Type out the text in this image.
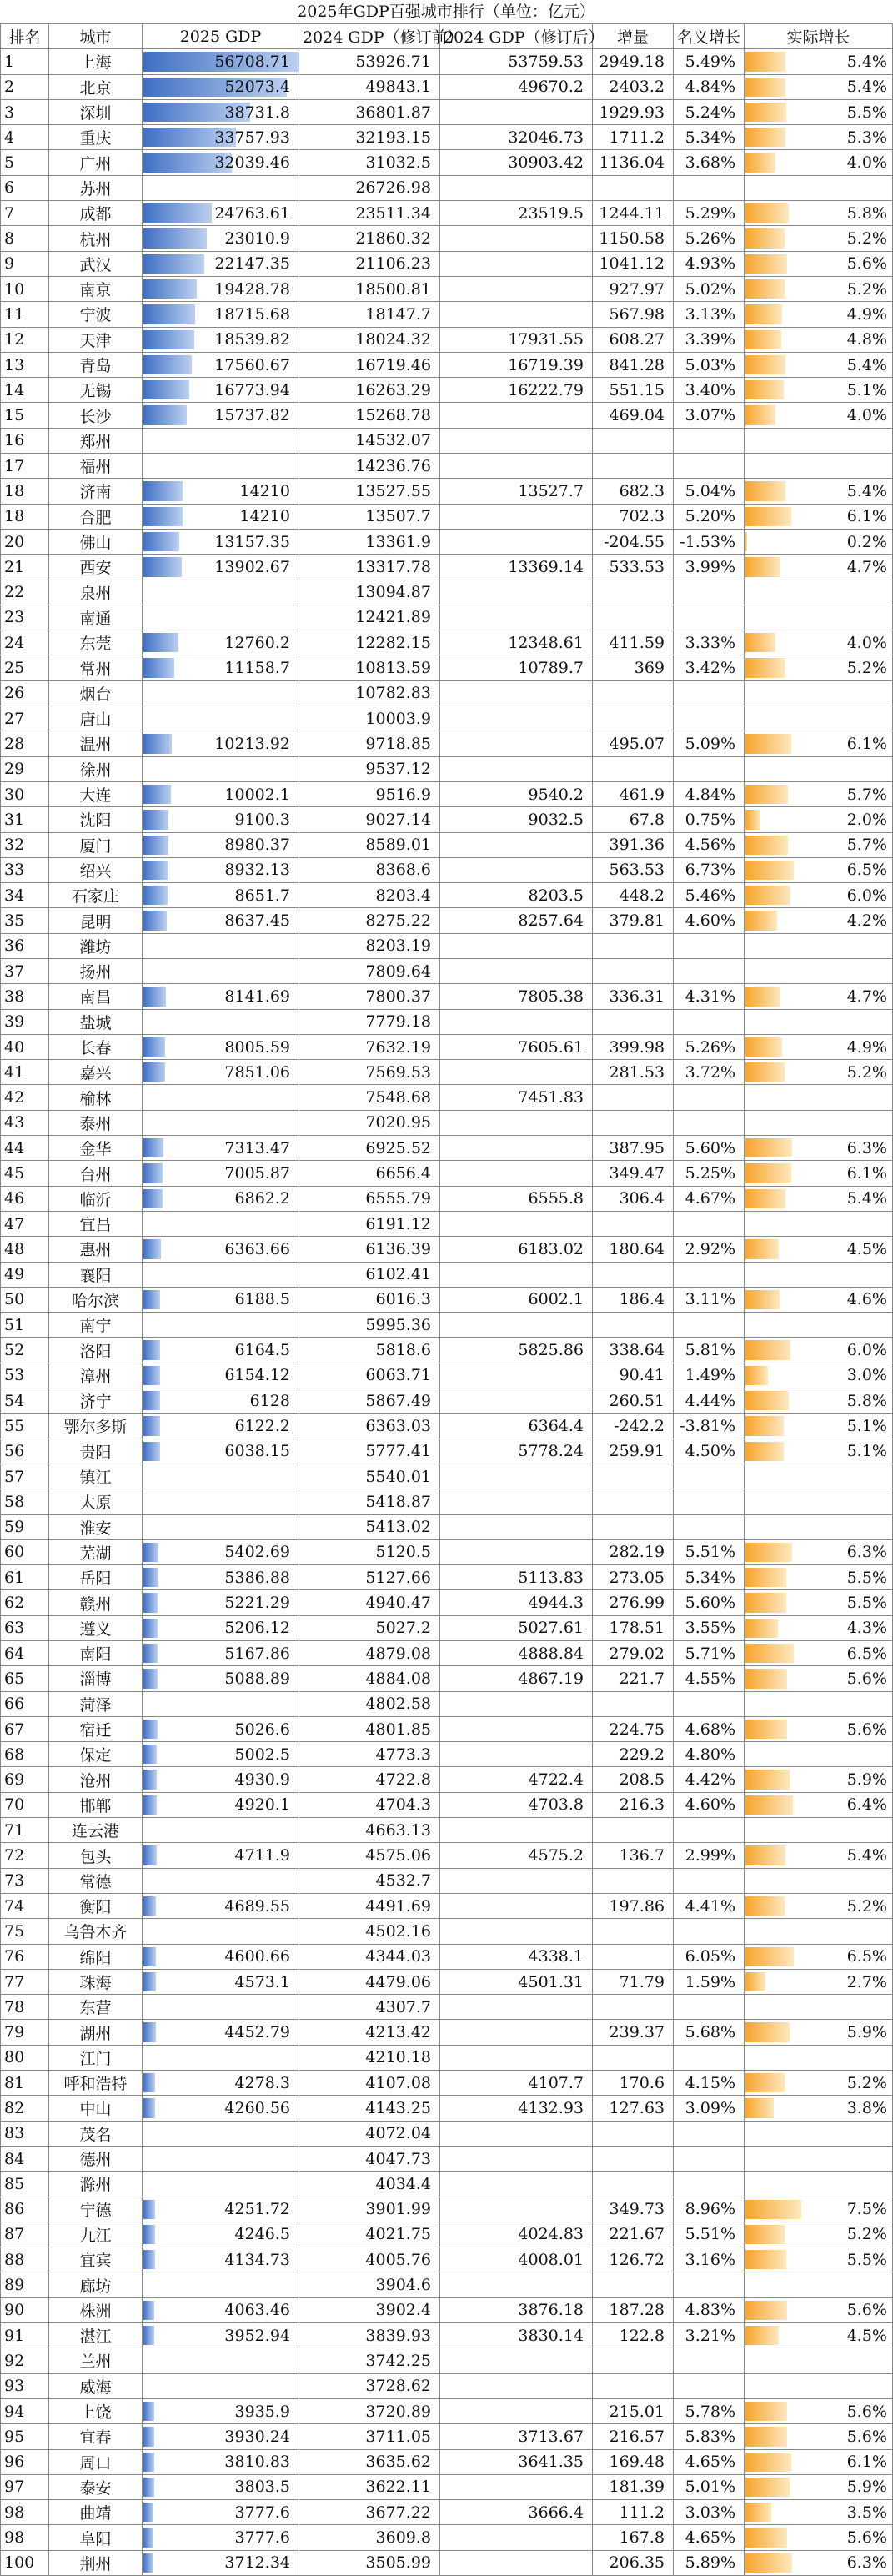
2025年GDP百强城市排行（单位：亿元）
排名	城市	2025 GDP	2024 GDP（修订前）	2024 GDP（修订后）	增量	名义增长	实际增长
1	上海	56708.71	53926.71	53759.53	2949.18	5.49%	5.4%
2	北京	52073.4	49843.1	49670.2	2403.2	4.84%	5.4%
3	深圳	38731.8	36801.87		1929.93	5.24%	5.5%
4	重庆	33757.93	32193.15	32046.73	1711.2	5.34%	5.3%
5	广州	32039.46	31032.5	30903.42	1136.04	3.68%	4.0%
6	苏州		26726.98				
7	成都	24763.61	23511.34	23519.5	1244.11	5.29%	5.8%
8	杭州	23010.9	21860.32		1150.58	5.26%	5.2%
9	武汉	22147.35	21106.23		1041.12	4.93%	5.6%
10	南京	19428.78	18500.81		927.97	5.02%	5.2%
11	宁波	18715.68	18147.7		567.98	3.13%	4.9%
12	天津	18539.82	18024.32	17931.55	608.27	3.39%	4.8%
13	青岛	17560.67	16719.46	16719.39	841.28	5.03%	5.4%
14	无锡	16773.94	16263.29	16222.79	551.15	3.40%	5.1%
15	长沙	15737.82	15268.78		469.04	3.07%	4.0%
16	郑州		14532.07				
17	福州		14236.76				
18	济南	14210	13527.55	13527.7	682.3	5.04%	5.4%
18	合肥	14210	13507.7		702.3	5.20%	6.1%
20	佛山	13157.35	13361.9		-204.55	-1.53%	0.2%
21	西安	13902.67	13317.78	13369.14	533.53	3.99%	4.7%
22	泉州		13094.87				
23	南通		12421.89				
24	东莞	12760.2	12282.15	12348.61	411.59	3.33%	4.0%
25	常州	11158.7	10813.59	10789.7	369	3.42%	5.2%
26	烟台		10782.83				
27	唐山		10003.9				
28	温州	10213.92	9718.85		495.07	5.09%	6.1%
29	徐州		9537.12				
30	大连	10002.1	9516.9	9540.2	461.9	4.84%	5.7%
31	沈阳	9100.3	9027.14	9032.5	67.8	0.75%	2.0%
32	厦门	8980.37	8589.01		391.36	4.56%	5.7%
33	绍兴	8932.13	8368.6		563.53	6.73%	6.5%
34	石家庄	8651.7	8203.4	8203.5	448.2	5.46%	6.0%
35	昆明	8637.45	8275.22	8257.64	379.81	4.60%	4.2%
36	潍坊		8203.19				
37	扬州		7809.64				
38	南昌	8141.69	7800.37	7805.38	336.31	4.31%	4.7%
39	盐城		7779.18				
40	长春	8005.59	7632.19	7605.61	399.98	5.26%	4.9%
41	嘉兴	7851.06	7569.53		281.53	3.72%	5.2%
42	榆林		7548.68	7451.83			
43	泰州		7020.95				
44	金华	7313.47	6925.52		387.95	5.60%	6.3%
45	台州	7005.87	6656.4		349.47	5.25%	6.1%
46	临沂	6862.2	6555.79	6555.8	306.4	4.67%	5.4%
47	宜昌		6191.12				
48	惠州	6363.66	6136.39	6183.02	180.64	2.92%	4.5%
49	襄阳		6102.41				
50	哈尔滨	6188.5	6016.3	6002.1	186.4	3.11%	4.6%
51	南宁		5995.36				
52	洛阳	6164.5	5818.6	5825.86	338.64	5.81%	6.0%
53	漳州	6154.12	6063.71		90.41	1.49%	3.0%
54	济宁	6128	5867.49		260.51	4.44%	5.8%
55	鄂尔多斯	6122.2	6363.03	6364.4	-242.2	-3.81%	5.1%
56	贵阳	6038.15	5777.41	5778.24	259.91	4.50%	5.1%
57	镇江		5540.01				
58	太原		5418.87				
59	淮安		5413.02				
60	芜湖	5402.69	5120.5		282.19	5.51%	6.3%
61	岳阳	5386.88	5127.66	5113.83	273.05	5.34%	5.5%
62	赣州	5221.29	4940.47	4944.3	276.99	5.60%	5.5%
63	遵义	5206.12	5027.2	5027.61	178.51	3.55%	4.3%
64	南阳	5167.86	4879.08	4888.84	279.02	5.71%	6.5%
65	淄博	5088.89	4884.08	4867.19	221.7	4.55%	5.6%
66	菏泽		4802.58				
67	宿迁	5026.6	4801.85		224.75	4.68%	5.6%
68	保定	5002.5	4773.3		229.2	4.80%	
69	沧州	4930.9	4722.8	4722.4	208.5	4.42%	5.9%
70	邯郸	4920.1	4704.3	4703.8	216.3	4.60%	6.4%
71	连云港		4663.13				
72	包头	4711.9	4575.06	4575.2	136.7	2.99%	5.4%
73	常德		4532.7				
74	衡阳	4689.55	4491.69		197.86	4.41%	5.2%
75	乌鲁木齐		4502.16				
76	绵阳	4600.66	4344.03	4338.1		6.05%	6.5%
77	珠海	4573.1	4479.06	4501.31	71.79	1.59%	2.7%
78	东营		4307.7				
79	湖州	4452.79	4213.42		239.37	5.68%	5.9%
80	江门		4210.18				
81	呼和浩特	4278.3	4107.08	4107.7	170.6	4.15%	5.2%
82	中山	4260.56	4143.25	4132.93	127.63	3.09%	3.8%
83	茂名		4072.04				
84	德州		4047.73				
85	滁州		4034.4				
86	宁德	4251.72	3901.99		349.73	8.96%	7.5%
87	九江	4246.5	4021.75	4024.83	221.67	5.51%	5.2%
88	宜宾	4134.73	4005.76	4008.01	126.72	3.16%	5.5%
89	廊坊		3904.6				
90	株洲	4063.46	3902.4	3876.18	187.28	4.83%	5.6%
91	湛江	3952.94	3839.93	3830.14	122.8	3.21%	4.5%
92	兰州		3742.25				
93	威海		3728.62				
94	上饶	3935.9	3720.89		215.01	5.78%	5.6%
95	宜春	3930.24	3711.05	3713.67	216.57	5.83%	5.6%
96	周口	3810.83	3635.62	3641.35	169.48	4.65%	6.1%
97	泰安	3803.5	3622.11		181.39	5.01%	5.9%
98	曲靖	3777.6	3677.22	3666.4	111.2	3.03%	3.5%
98	阜阳	3777.6	3609.8		167.8	4.65%	5.6%
100	荆州	3712.34	3505.99		206.35	5.89%	6.3%
